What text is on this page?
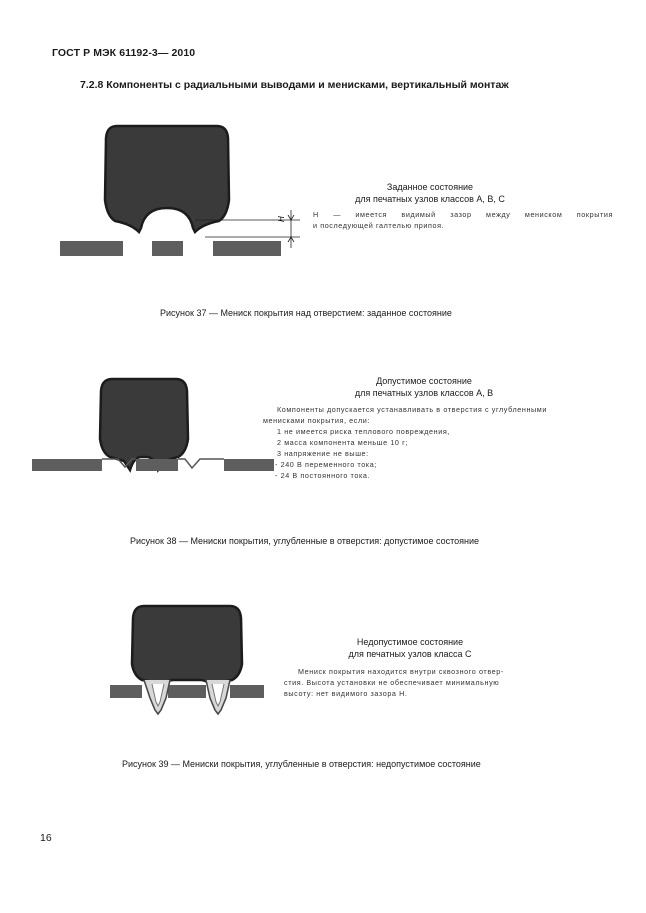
ГОСТ Р МЭК 61192-3— 2010
7.2.8 Компоненты с радиальными выводами и менисками, вертикальный монтаж
H
Заданное состояние
для печатных узлов классов А, В, С

Н — имеется видимый зазор между мениском покрытия

и последующей галтелью припоя.

Рисунок 37 — Мениск покрытия над отверстием: заданное состояние
Допустимое состояние
для печатных узлов классов А, В

Компоненты допускается устанавливать в отверстия с углубленными

менисками покрытия, если:

1 не имеется риска теплового повреждения,

2 масса компонента меньше 10 г;

3 напряжение не выше:

- 240 В переменного тока;

- 24 В постоянного тока.

Рисунок 38 — Мениски покрытия, углубленные в отверстия: допустимое состояние
Недопустимое состояние
для печатных узлов класса С

Мениск покрытия находится внутри сквозного отвер-

стия. Высота установки не обеспечивает минимальную

высоту: нет видимого зазора Н.

Рисунок 39 — Мениски покрытия, углубленные в отверстия: недопустимое состояние
16
